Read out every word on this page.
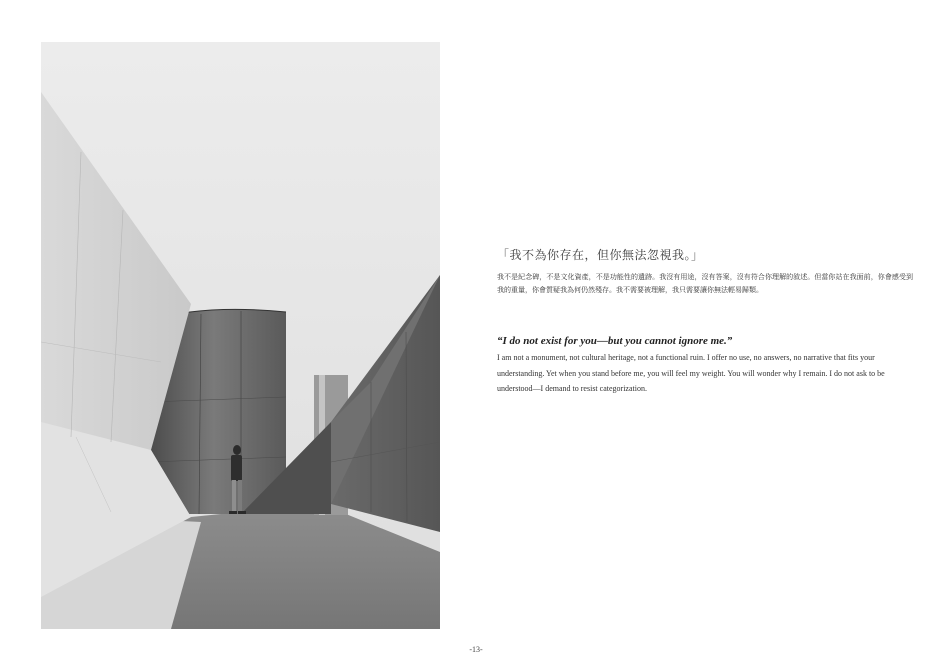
「我不為你存在，但你無法忽視我。」

我不是紀念碑，不是文化資產，不是功能性的遺跡。我沒有用途，沒有答案，沒有符合你理解的敘述。但當你站在我面前，你會感受到我的重量，你會質疑我為何仍然殘存。我不需要被理解，我只需要讓你無法輕易歸類。

“I do not exist for you—but you cannot ignore me.”

I am not a monument, not cultural heritage, not a functional ruin. I offer no use, no answers, no narrative that fits your understanding. Yet when you stand before me, you will feel my weight. You will wonder why I remain. I do not ask to be understood—I demand to resist categorization.

-13-
